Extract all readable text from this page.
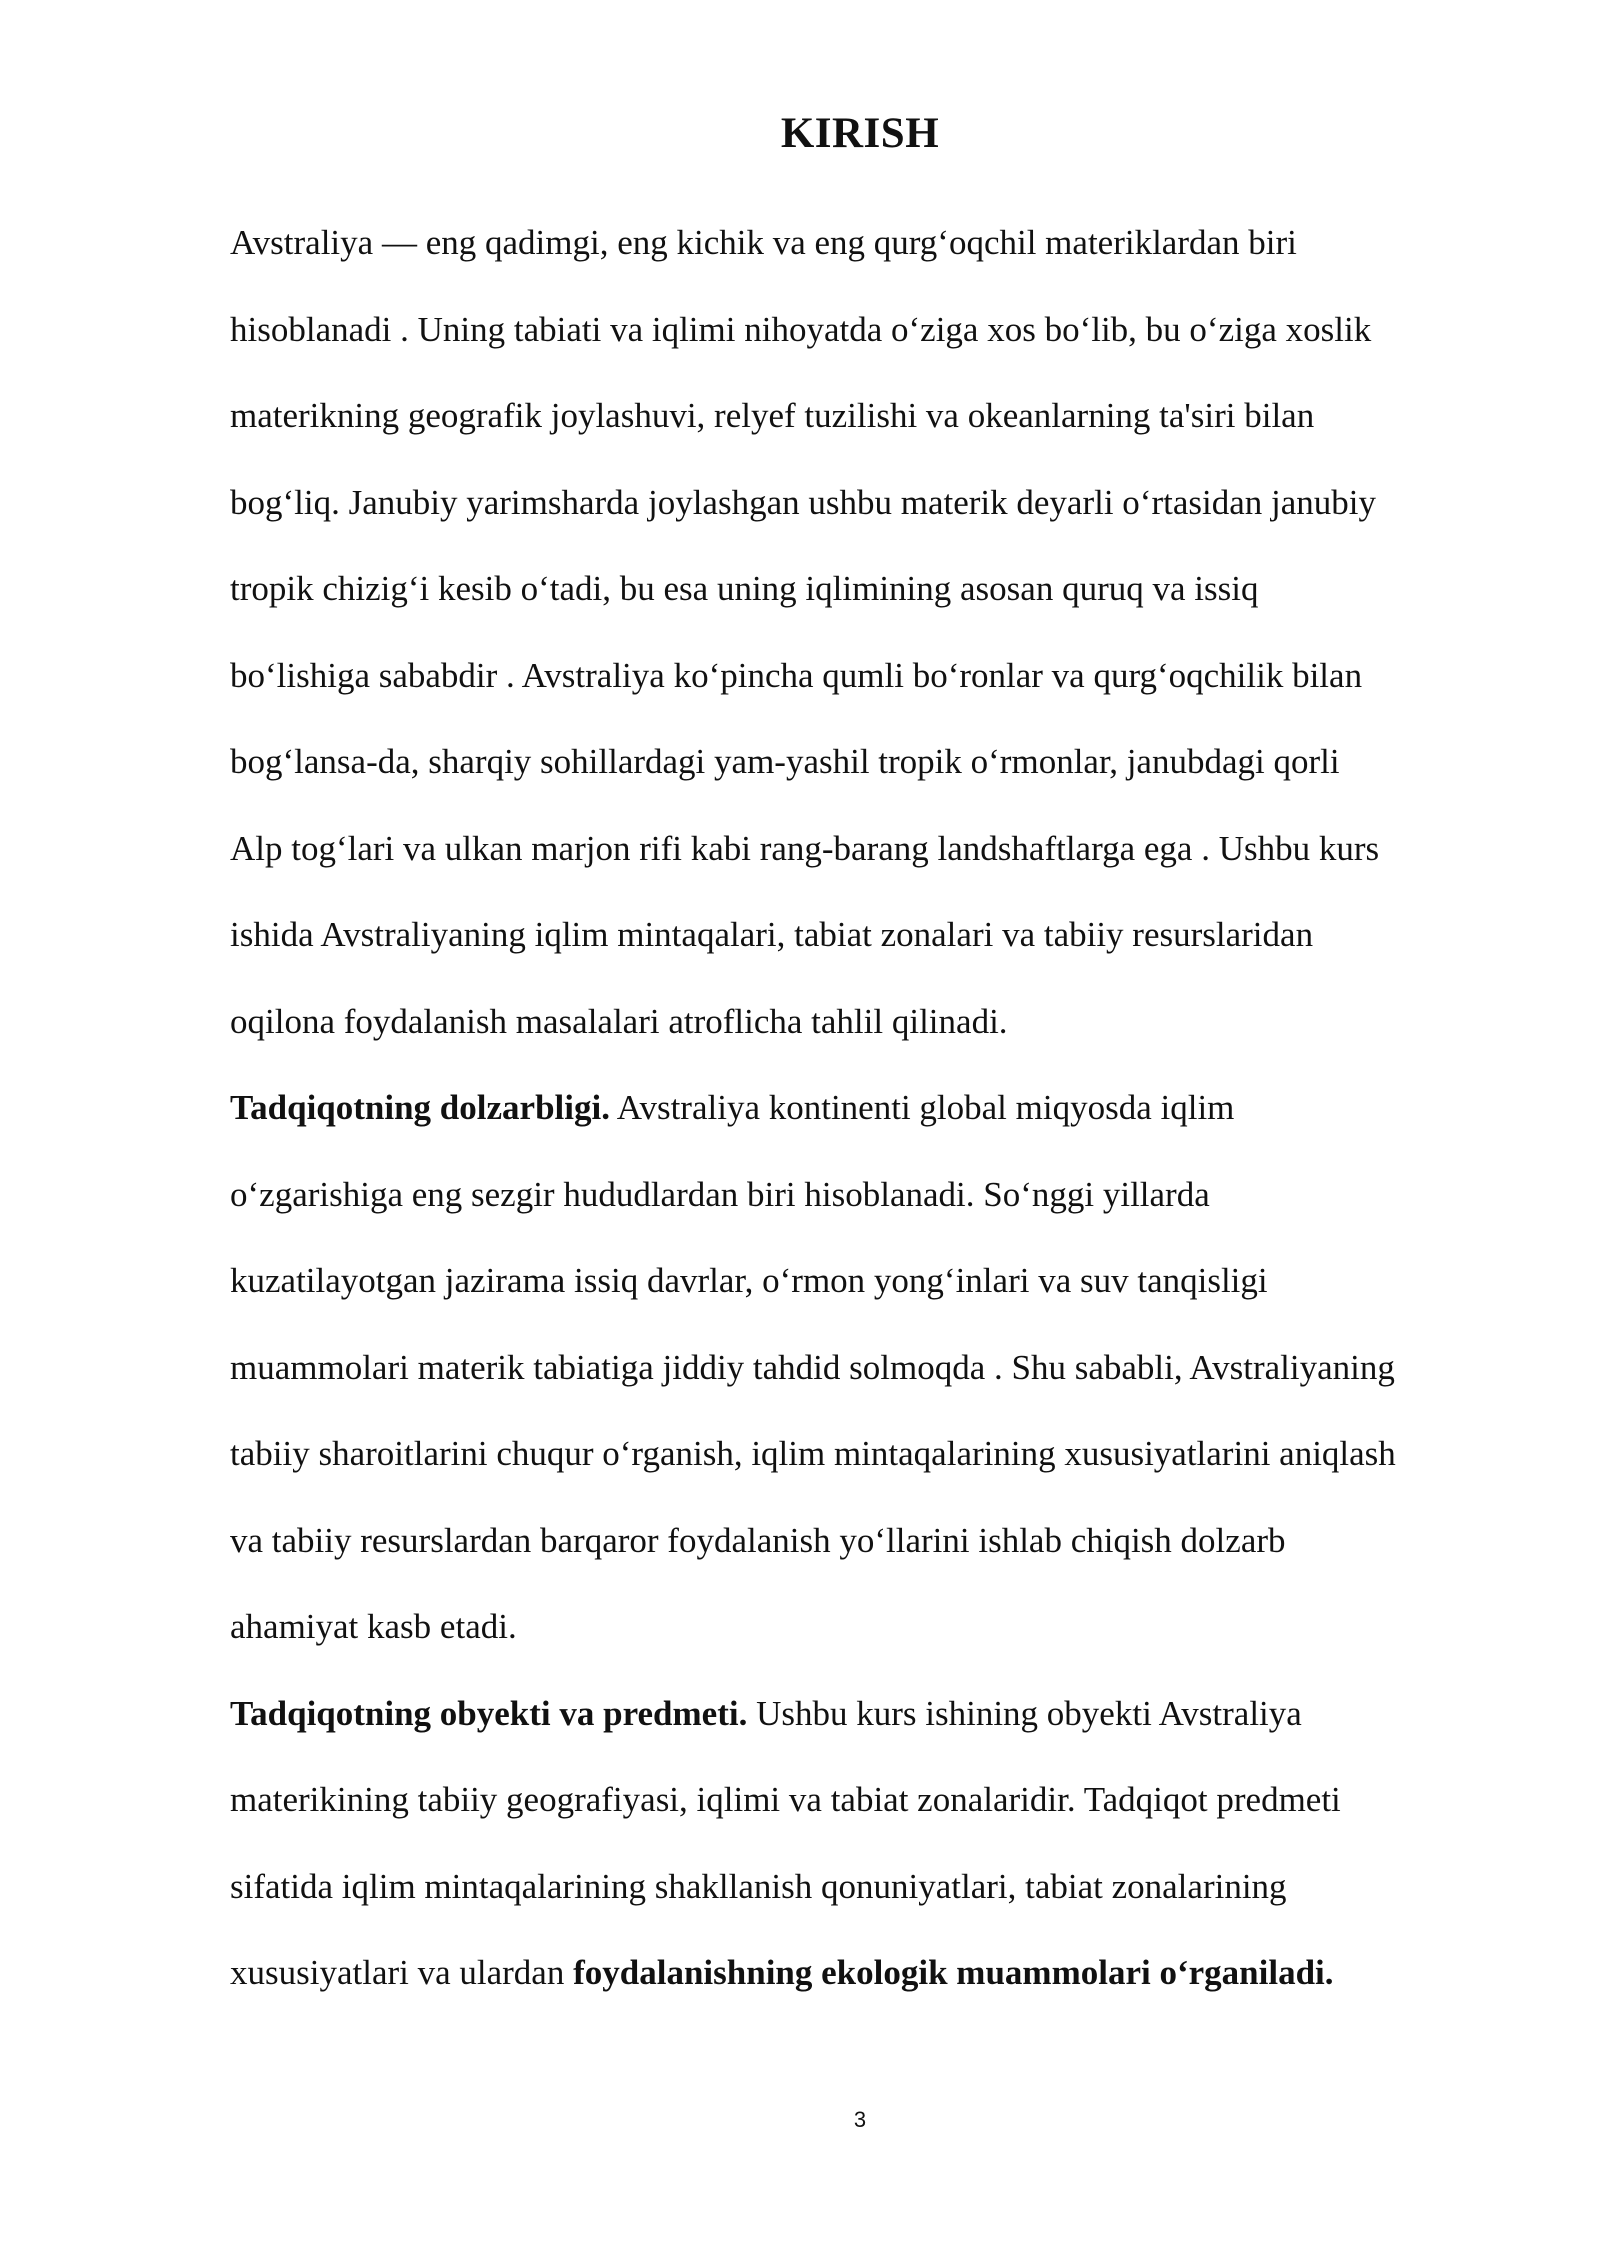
KIRISH

Avstraliya — eng qadimgi, eng kichik va eng qurg‘oqchil materiklardan biri
hisoblanadi . Uning tabiati va iqlimi nihoyatda o‘ziga xos bo‘lib, bu o‘ziga xoslik
materikning geografik joylashuvi, relyef tuzilishi va okeanlarning ta'siri bilan
bog‘liq. Janubiy yarimsharda joylashgan ushbu materik deyarli o‘rtasidan janubiy
tropik chizig‘i kesib o‘tadi, bu esa uning iqlimining asosan quruq va issiq
bo‘lishiga sababdir . Avstraliya ko‘pincha qumli bo‘ronlar va qurg‘oqchilik bilan
bog‘lansa-da, sharqiy sohillardagi yam-yashil tropik o‘rmonlar, janubdagi qorli
Alp tog‘lari va ulkan marjon rifi kabi rang-barang landshaftlarga ega . Ushbu kurs
ishida Avstraliyaning iqlim mintaqalari, tabiat zonalari va tabiiy resurslaridan
oqilona foydalanish masalalari atroflicha tahlil qilinadi.

Tadqiqotning dolzarbligi. Avstraliya kontinenti global miqyosda iqlim
o‘zgarishiga eng sezgir hududlardan biri hisoblanadi. So‘nggi yillarda
kuzatilayotgan jazirama issiq davrlar, o‘rmon yong‘inlari va suv tanqisligi
muammolari materik tabiatiga jiddiy tahdid solmoqda . Shu sababli, Avstraliyaning
tabiiy sharoitlarini chuqur o‘rganish, iqlim mintaqalarining xususiyatlarini aniqlash
va tabiiy resurslardan barqaror foydalanish yo‘llarini ishlab chiqish dolzarb
ahamiyat kasb etadi.

Tadqiqotning obyekti va predmeti. Ushbu kurs ishining obyekti Avstraliya
materikining tabiiy geografiyasi, iqlimi va tabiat zonalaridir. Tadqiqot predmeti
sifatida iqlim mintaqalarining shakllanish qonuniyatlari, tabiat zonalarining
xususiyatlari va ulardan foydalanishning ekologik muammolari o‘rganiladi.

3
